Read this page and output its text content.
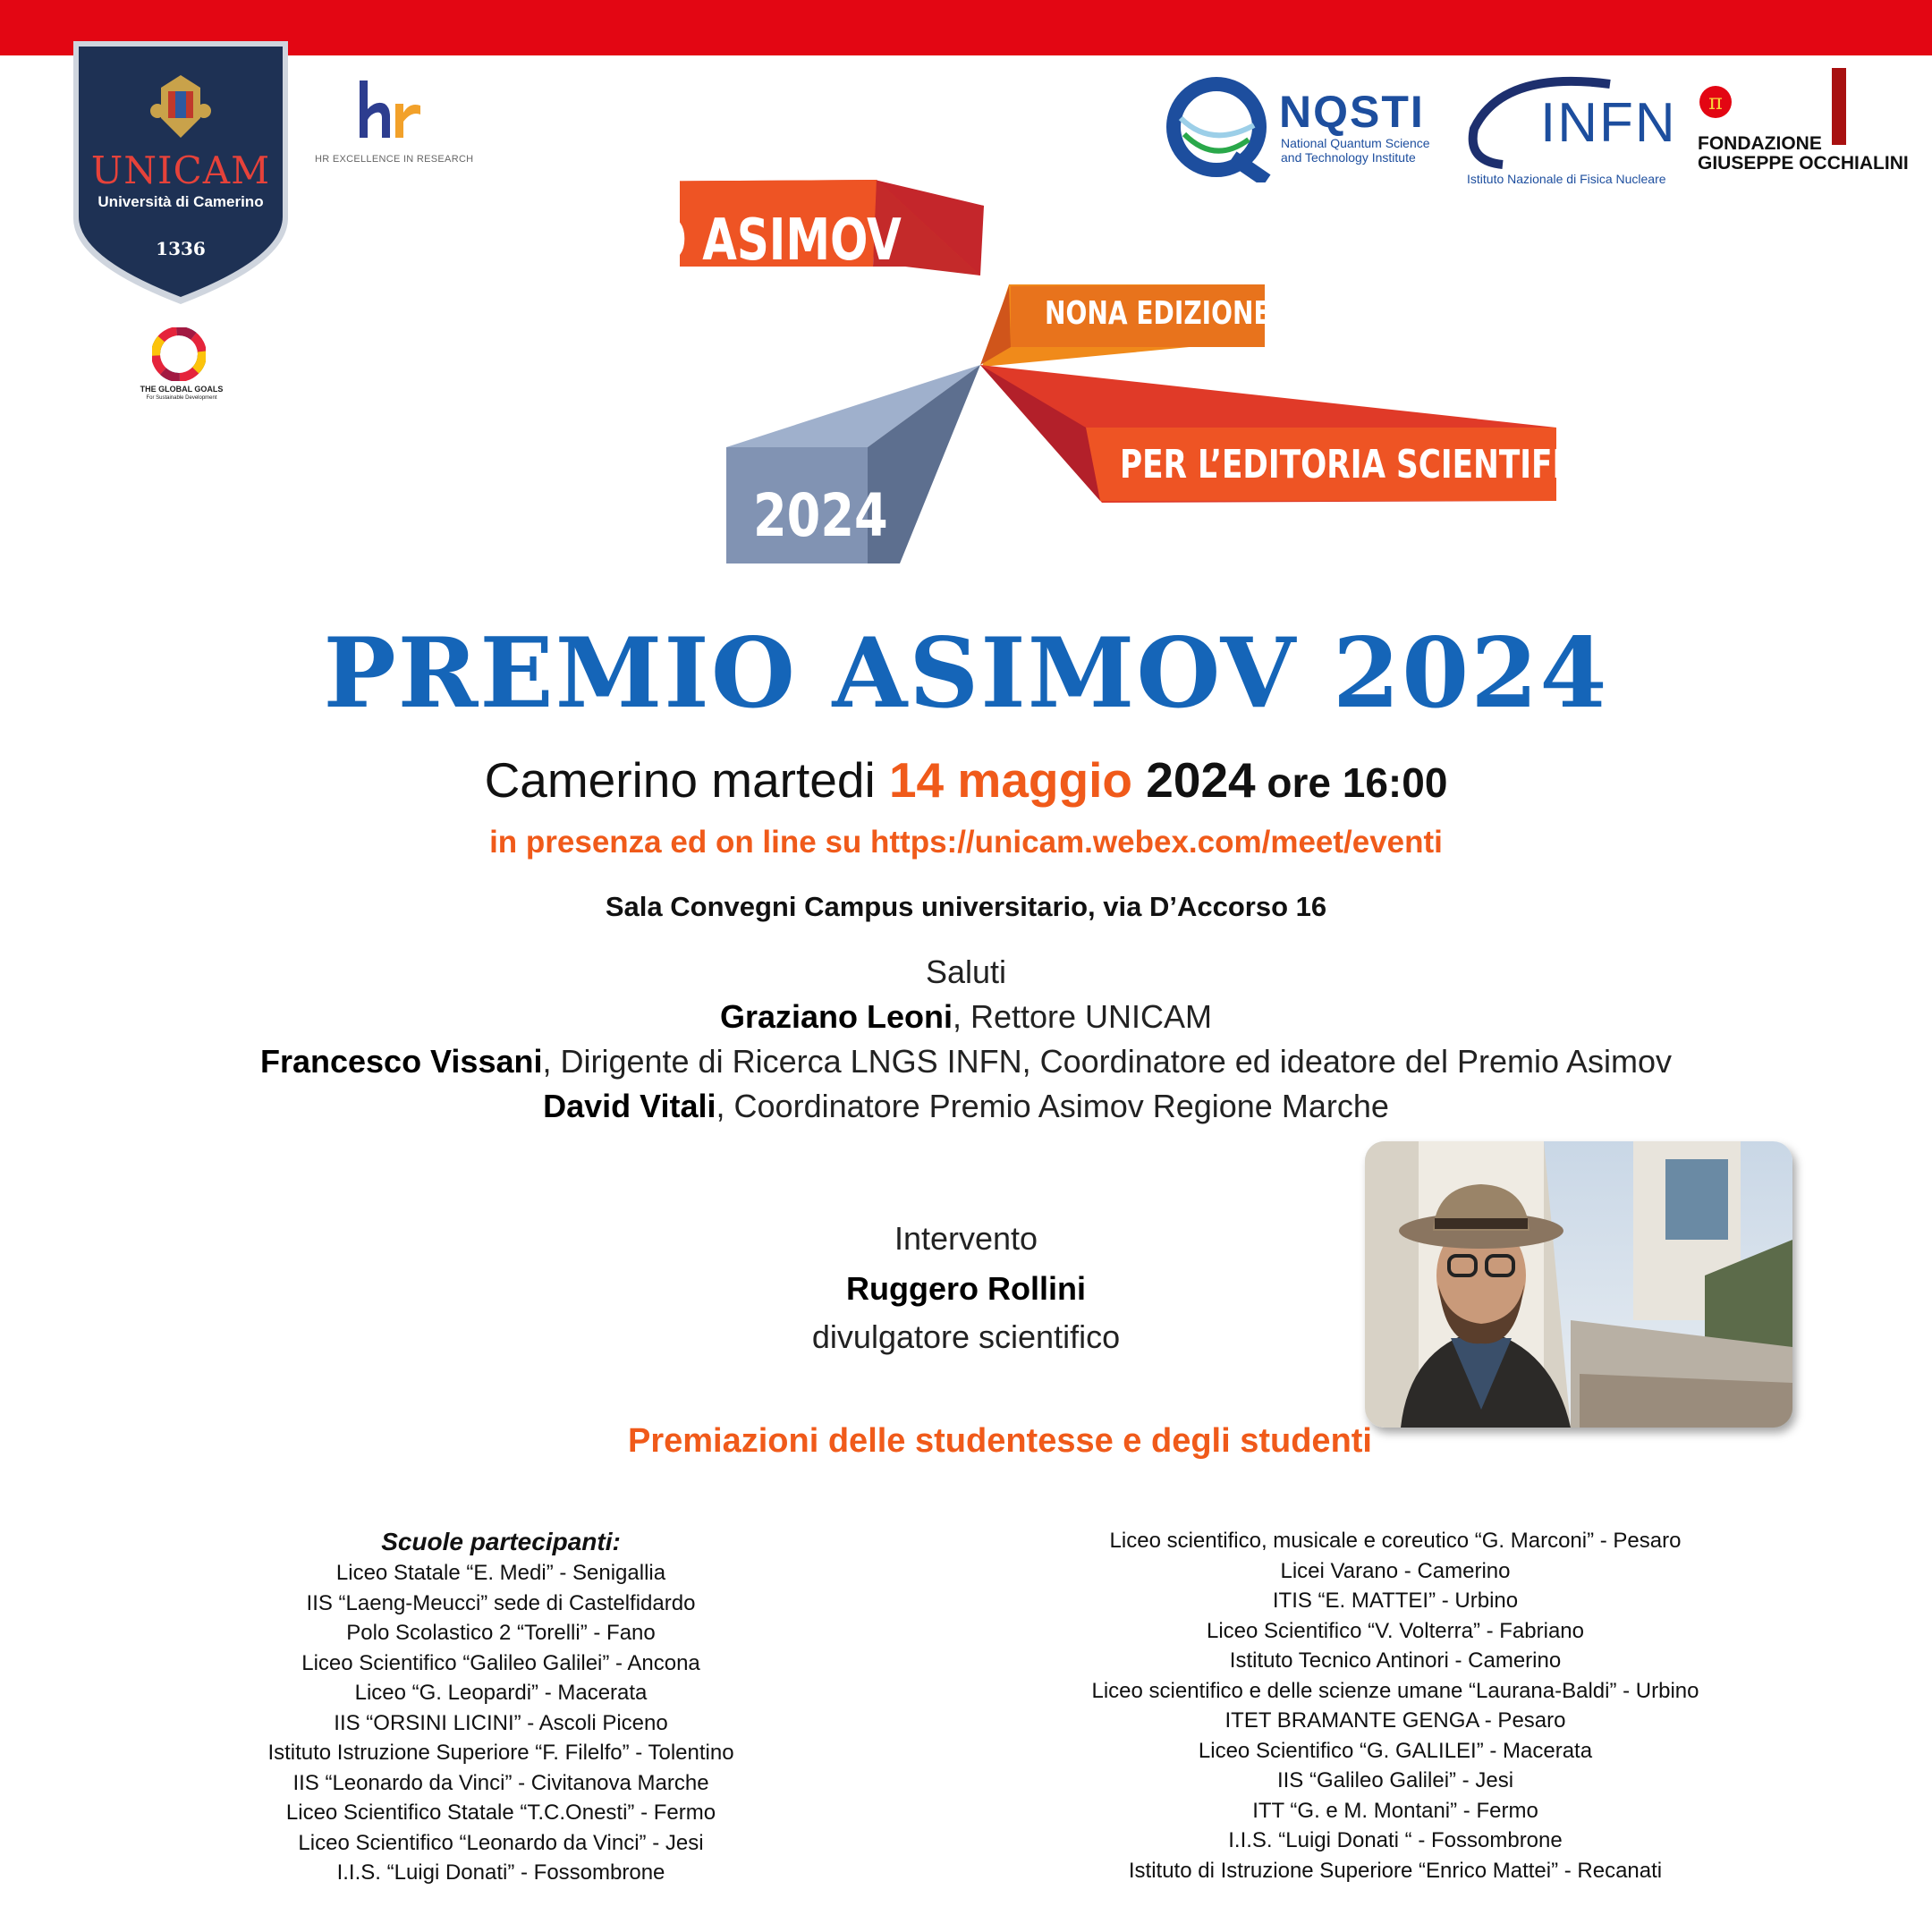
UNICAM
Università di Camerino
1336
HR EXCELLENCE IN RESEARCH
THE GLOBAL GOALS
For Sustainable Development
NQSTI
National Quantum Science
and Technology Institute
INFN
Istituto Nazionale di Fisica Nucleare
π
FONDAZIONE
GIUSEPPE OCCHIALINI
PREMIO ASIMOV
NONA EDIZIONE
PER L’EDITORIA SCIENTIFICA
2024
PREMIO ASIMOV 2024
Camerino martedi 14 maggio 2024 ore 16:00
in presenza ed on line su https://unicam.webex.com/meet/eventi
Sala Convegni Campus universitario, via D’Accorso 16
Saluti
Graziano Leoni, Rettore UNICAM
Francesco Vissani, Dirigente di Ricerca LNGS INFN, Coordinatore ed ideatore del Premio Asimov
David Vitali, Coordinatore Premio Asimov Regione Marche
Intervento
Ruggero Rollini
divulgatore scientifico
Premiazioni delle studentesse e degli studenti
Scuole partecipanti:
Liceo Statale “E. Medi” - Senigallia
IIS “Laeng-Meucci” sede di Castelfidardo
Polo Scolastico 2 “Torelli” - Fano
Liceo Scientifico “Galileo Galilei” - Ancona
Liceo “G. Leopardi” - Macerata
IIS “ORSINI LICINI” - Ascoli Piceno
Istituto Istruzione Superiore “F. Filelfo” - Tolentino
IIS “Leonardo da Vinci” - Civitanova Marche
Liceo Scientifico Statale “T.C.Onesti” - Fermo
Liceo Scientifico “Leonardo da Vinci” - Jesi
I.I.S. “Luigi Donati” - Fossombrone
Liceo scientifico, musicale e coreutico “G. Marconi” - Pesaro
Licei Varano - Camerino
ITIS “E. MATTEI” - Urbino
Liceo Scientifico “V. Volterra” - Fabriano
Istituto Tecnico Antinori - Camerino
Liceo scientifico e delle scienze umane “Laurana-Baldi” - Urbino
ITET BRAMANTE GENGA - Pesaro
Liceo Scientifico “G. GALILEI” - Macerata
IIS “Galileo Galilei” - Jesi
ITT “G. e M. Montani” - Fermo
I.I.S. “Luigi Donati “ - Fossombrone
Istituto di Istruzione Superiore “Enrico Mattei” - Recanati
